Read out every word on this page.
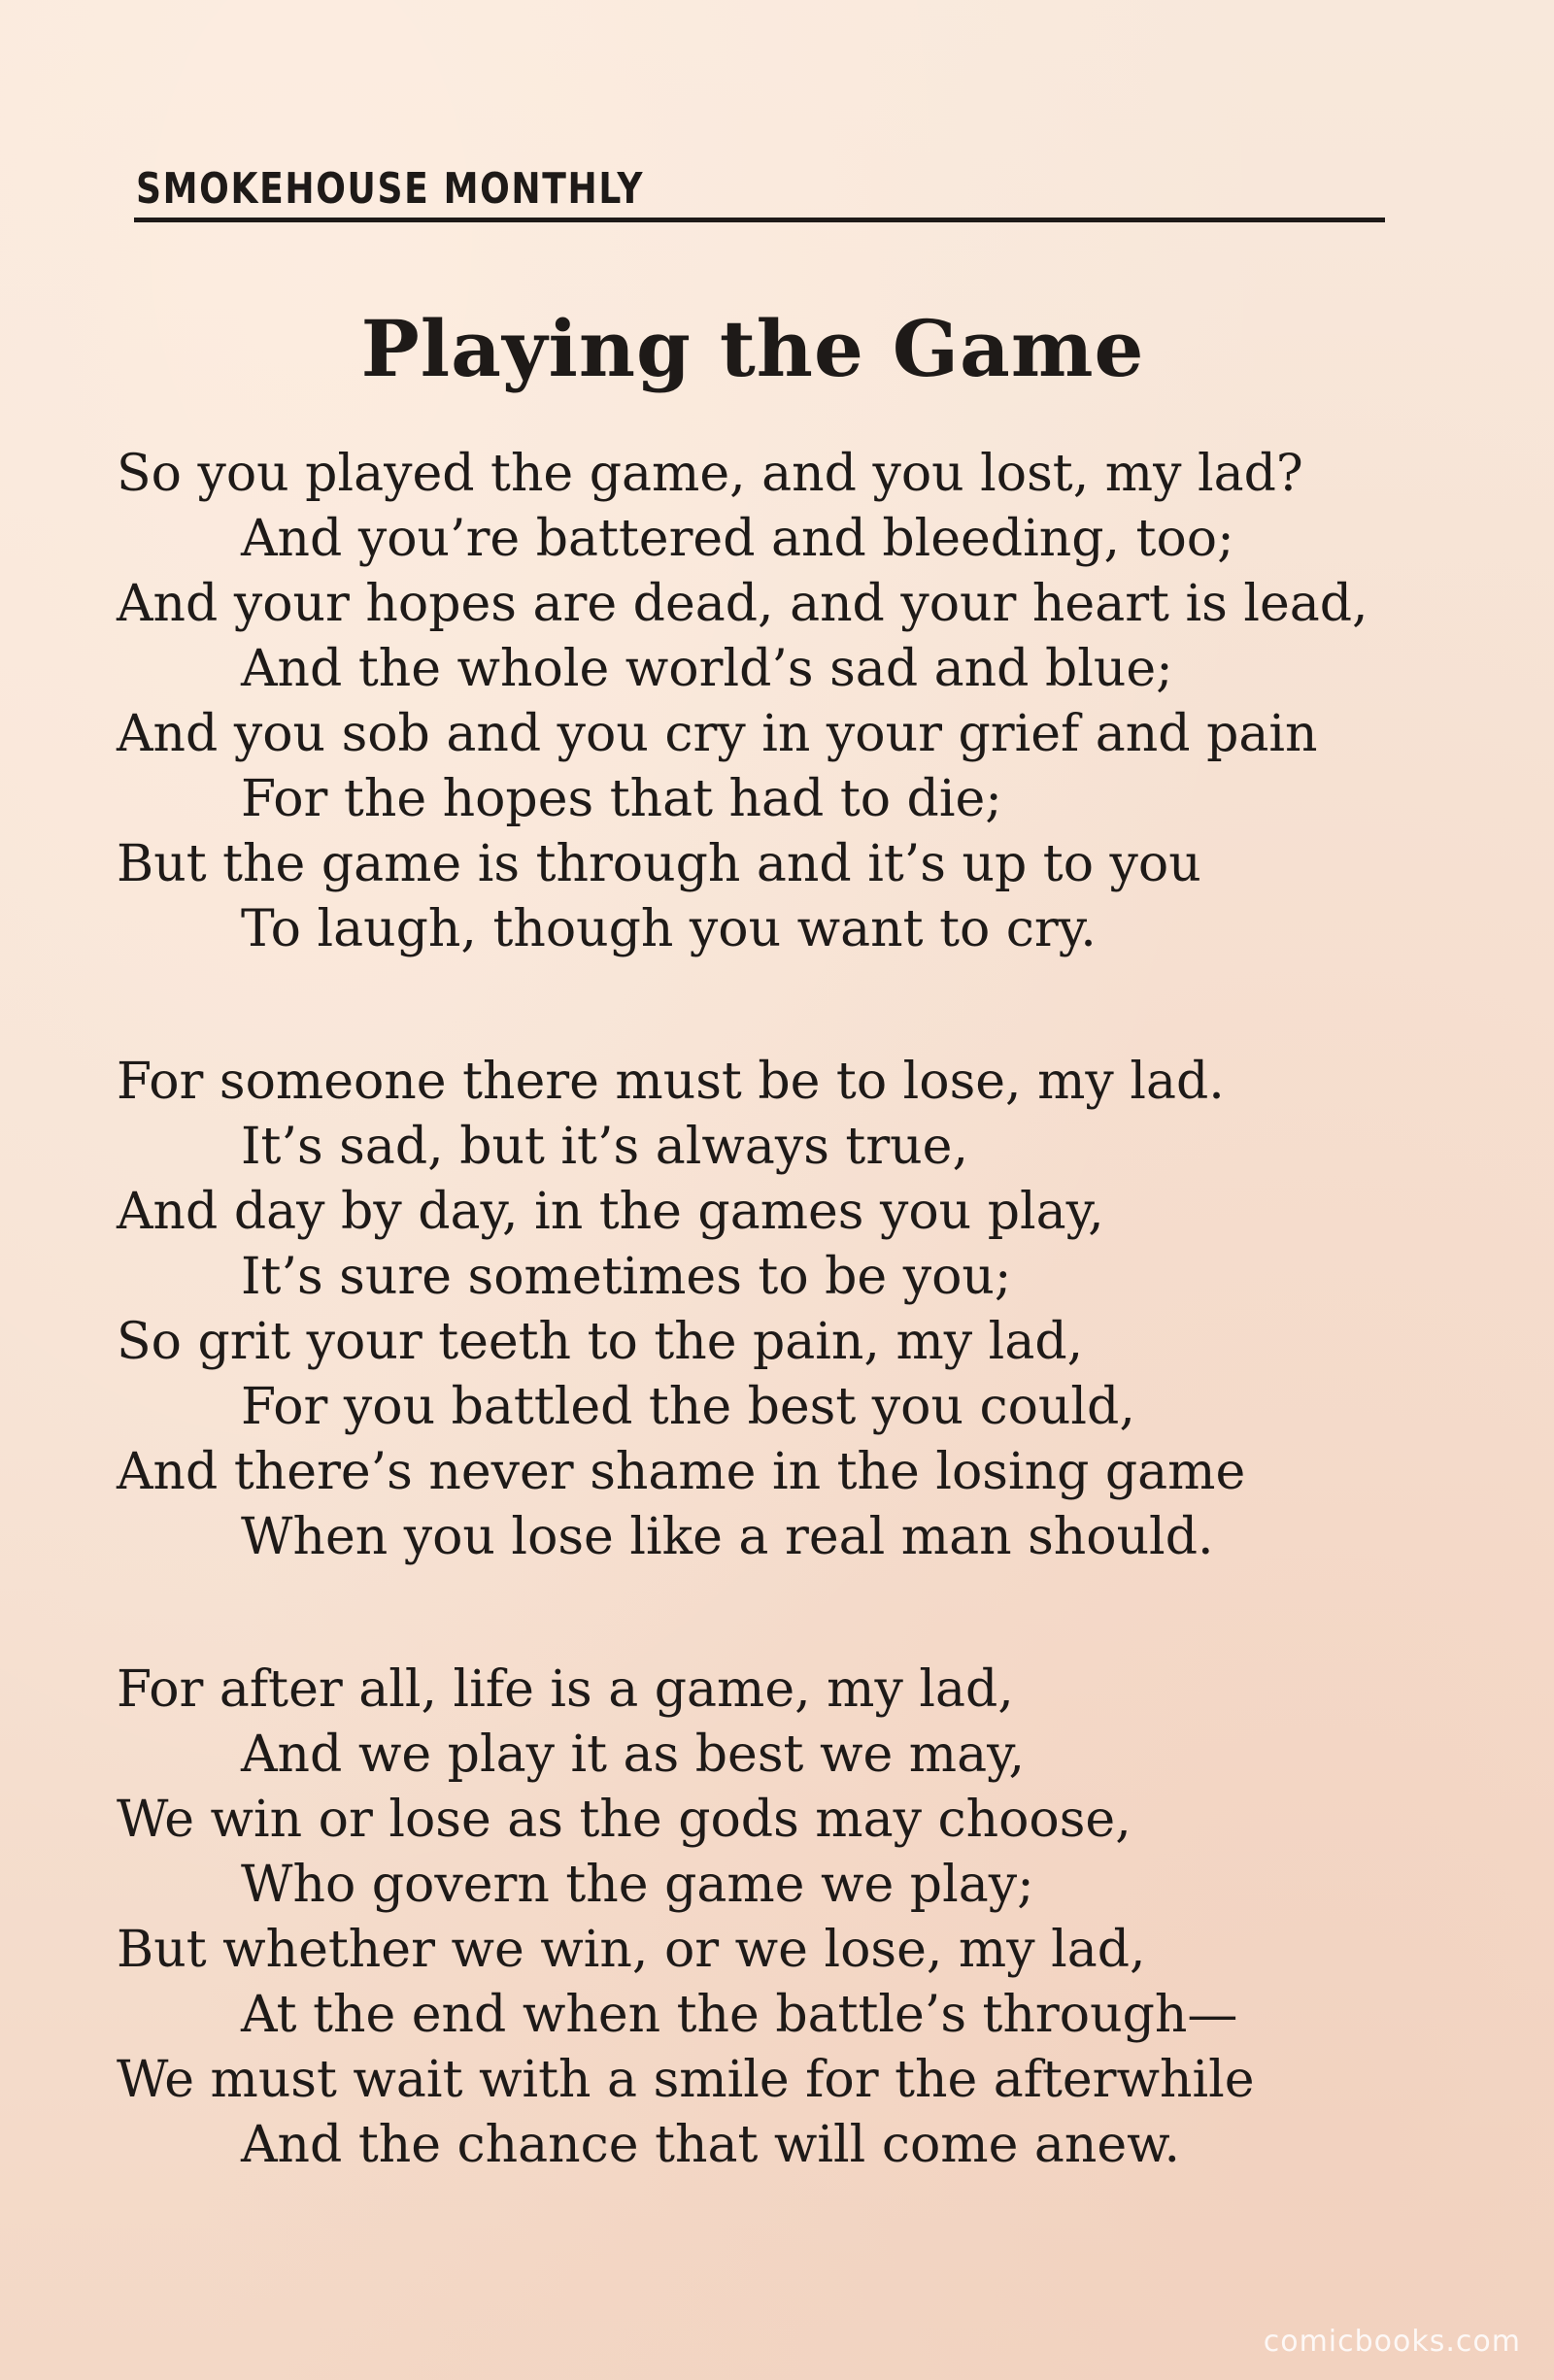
SMOKEHOUSE MONTHLY
Playing the Game
So you played the game, and you lost, my lad?
And you’re battered and bleeding, too;
And your hopes are dead, and your heart is lead,
And the whole world’s sad and blue;
And you sob and you cry in your grief and pain
For the hopes that had to die;
But the game is through and it’s up to you
To laugh, though you want to cry.
For someone there must be to lose, my lad.
It’s sad, but it’s always true,
And day by day, in the games you play,
It’s sure sometimes to be you;
So grit your teeth to the pain, my lad,
For you battled the best you could,
And there’s never shame in the losing game
When you lose like a real man should.
For after all, life is a game, my lad,
And we play it as best we may,
We win or lose as the gods may choose,
Who govern the game we play;
But whether we win, or we lose, my lad,
At the end when the battle’s through—
We must wait with a smile for the afterwhile
And the chance that will come anew.
comicbooks.com
